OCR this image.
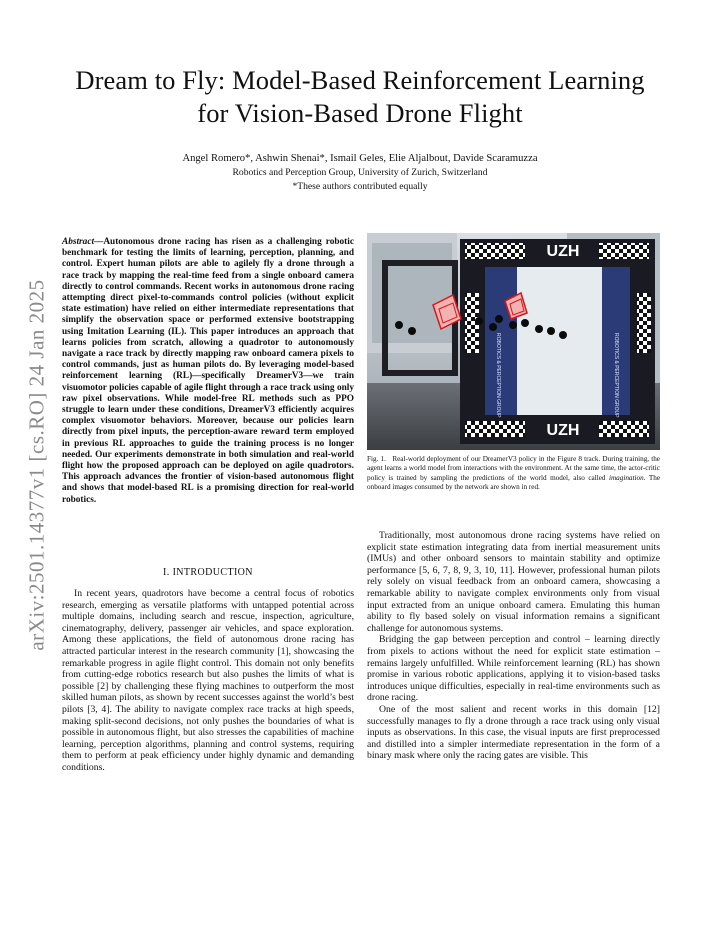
Dream to Fly: Model-Based Reinforcement Learning for Vision-Based Drone Flight
Angel Romero*, Ashwin Shenai*, Ismail Geles, Elie Aljalbout, Davide Scaramuzza
Robotics and Perception Group, University of Zurich, Switzerland
*These authors contributed equally
arXiv:2501.14377v1 [cs.RO] 24 Jan 2025
Abstract—Autonomous drone racing has risen as a challenging robotic benchmark for testing the limits of learning, perception, planning, and control. Expert human pilots are able to agilely fly a drone through a race track by mapping the real-time feed from a single onboard camera directly to control commands. Recent works in autonomous drone racing attempting direct pixel-to-commands control policies (without explicit state estimation) have relied on either intermediate representations that simplify the observation space or performed extensive bootstrapping using Imitation Learning (IL). This paper introduces an approach that learns policies from scratch, allowing a quadrotor to autonomously navigate a race track by directly mapping raw onboard camera pixels to control commands, just as human pilots do. By leveraging model-based reinforcement learning (RL)—specifically DreamerV3—we train visuomotor policies capable of agile flight through a race track using only raw pixel observations. While model-free RL methods such as PPO struggle to learn under these conditions, DreamerV3 efficiently acquires complex visuomotor behaviors. Moreover, because our policies learn directly from pixel inputs, the perception-aware reward term employed in previous RL approaches to guide the training process is no longer needed. Our experiments demonstrate in both simulation and real-world flight how the proposed approach can be deployed on agile quadrotors. This approach advances the frontier of vision-based autonomous flight and shows that model-based RL is a promising direction for real-world robotics.
I. INTRODUCTION
In recent years, quadrotors have become a central focus of robotics research, emerging as versatile platforms with untapped potential across multiple domains, including search and rescue, inspection, agriculture, cinematography, delivery, passenger air vehicles, and space exploration. Among these applications, the field of autonomous drone racing has attracted particular interest in the research community [1], showcasing the remarkable progress in agile flight control. This domain not only benefits from cutting-edge robotics research but also pushes the limits of what is possible [2] by challenging these flying machines to outperform the most skilled human pilots, as shown by recent successes against the world’s best pilots [3, 4]. The ability to navigate complex race tracks at high speeds, making split-second decisions, not only pushes the boundaries of what is possible in autonomous flight, but also stresses the capabilities of machine learning, perception algorithms, planning and control systems, requiring them to perform at peak efficiency under highly dynamic and demanding conditions.
UZH
UZH
ROBOTICS & PERCEPTION GROUP	ROBOTICS & PERCEPTION GROUP
Fig. 1. Real-world deployment of our DreamerV3 policy in the Figure 8 track. During training, the agent learns a world model from interactions with the environment. At the same time, the actor-critic policy is trained by sampling the predictions of the world model, also called imagination. The onboard images consumed by the network are shown in red.

Traditionally, most autonomous drone racing systems have relied on explicit state estimation integrating data from inertial measurement units (IMUs) and other onboard sensors to maintain stability and optimize performance [5, 6, 7, 8, 9, 3, 10, 11]. However, professional human pilots rely solely on visual feedback from an onboard camera, showcasing a remarkable ability to navigate complex environments only from visual input extracted from an unique onboard camera. Emulating this human ability to fly based solely on visual information remains a significant challenge for autonomous systems.

Bridging the gap between perception and control – learning directly from pixels to actions without the need for explicit state estimation – remains largely unfulfilled. While reinforcement learning (RL) has shown promise in various robotic applications, applying it to vision-based tasks introduces unique difficulties, especially in real-time environments such as drone racing.

One of the most salient and recent works in this domain [12] successfully manages to fly a drone through a race track using only visual inputs as observations. In this case, the visual inputs are first preprocessed and distilled into a simpler intermediate representation in the form of a binary mask where only the racing gates are visible. This
